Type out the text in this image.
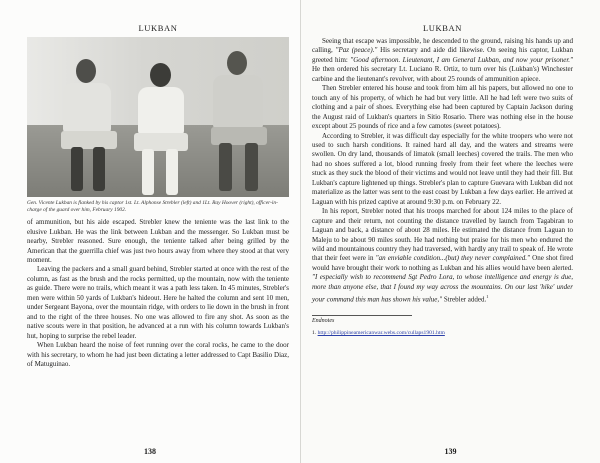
LUKBAN
Gen. Vicente Lukban is flanked by his captor 1st. Lt. Alphonse Strebler (left) and 1Lt. Ray Hoover (right), officer-in-charge of the guard over him, February 1902.

of ammunition, but his aide escaped. Strebler knew the teniente was the last link to the elusive Lukban. He was the link between Lukban and the messenger. So Lukban must be nearby, Strebler reasoned. Sure enough, the teniente talked after being grilled by the American that the guerrilla chief was just two hours away from where they stood at that very moment.

Leaving the packers and a small guard behind, Strebler started at once with the rest of the column, as fast as the brush and the rocks permitted, up the mountain, now with the teniente as guide. There were no trails, which meant it was a path less taken. In 45 minutes, Strebler's men were within 50 yards of Lukban's hideout. Here he halted the column and sent 10 men, under Sergeant Bayona, over the mountain ridge, with orders to lie down in the brush in front and to the right of the three houses. No one was allowed to fire any shot. As soon as the native scouts were in that position, he advanced at a run with his column towards Lukban's hut, hoping to surprise the rebel leader.

When Lukban heard the noise of feet running over the coral rocks, he came to the door with his secretary, to whom he had just been dictating a letter addressed to Capt Basilio Diaz, of Matuguinao.

138
LUKBAN

Seeing that escape was impossible, he descended to the ground, raising his hands up and calling, "Paz (peace)." His secretary and aide did likewise. On seeing his captor, Lukban greeted him: "Good afternoon. Lieutenant, I am General Lukban, and now your prisoner." He then ordered his secretary Lt. Luciano R. Ortiz, to turn over his (Lukban's) Winchester carbine and the lieutenant's revolver, with about 25 rounds of ammunition apiece.

Then Strebler entered his house and took from him all his papers, but allowed no one to touch any of his property, of which he had but very little. All he had left were two suits of clothing and a pair of shoes. Everything else had been captured by Captain Jackson during the August raid of Lukban's quarters in Sitio Rosario. There was nothing else in the house except about 25 pounds of rice and a few camotes (sweet potatoes).

According to Strebler, it was difficult day especially for the white troopers who were not used to such harsh conditions. It rained hard all day, and the waters and streams were swollen. On dry land, thousands of limatok (small leeches) covered the trails. The men who had no shoes suffered a lot, blood running freely from their feet where the leeches were stuck as they suck the blood of their victims and would not leave until they had their fill. But Lukban's capture lightened up things. Strebler's plan to capture Guevara with Lukban did not materialize as the latter was sent to the east coast by Lukban a few days earlier. He arrived at Laguan with his prized captive at around 9:30 p.m. on February 22.

In his report, Strebler noted that his troops marched for about 124 miles to the place of capture and their return, not counting the distance travelled by launch from Tagabiran to Laguan and back, a distance of about 28 miles. He estimated the distance from Laguan to Maleju to be about 90 miles south. He had nothing but praise for his men who endured the wild and mountainous country they had traversed, with hardly any trail to speak of. He wrote that their feet were in "an enviable condition...(but) they never complained." One shot fired would have brought their work to nothing as Lukban and his allies would have been alerted. "I especially wish to recommend Sgt Pedro Lora, to whose intelligence and energy is due, more than anyone else, that I found my way across the mountains. On our last 'hike' under your command this man has shown his value," Strebler added.$^1$

Endnotes
1. http://philippineamericanwar.webs.com/cullaps1901.htm
139
